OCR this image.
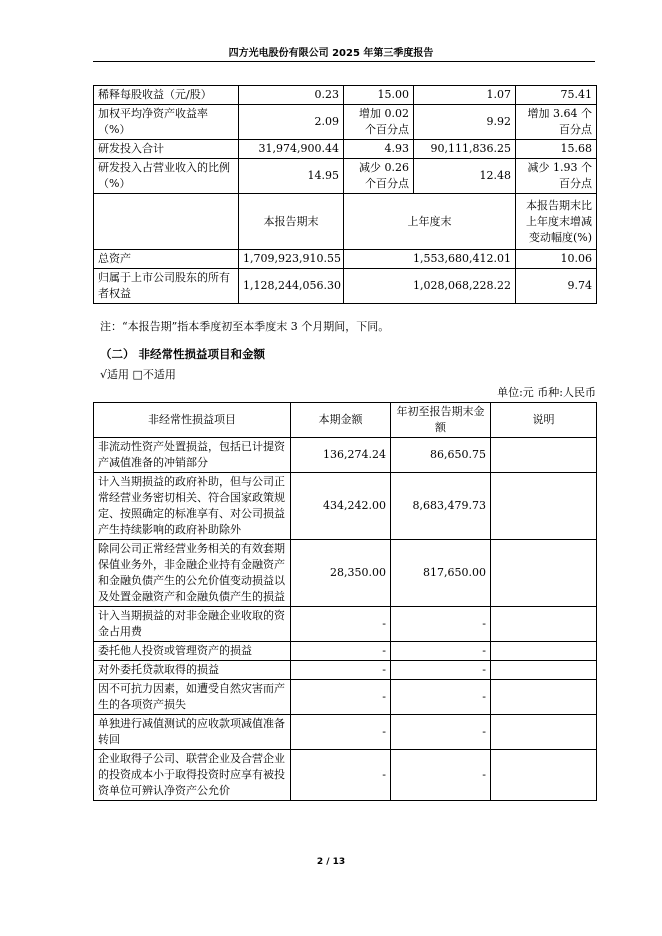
四方光电股份有限公司 2025 年第三季度报告
稀释每股收益（元/股）	0.23	15.00	1.07	75.41
加权平均净资产收益率（%）	2.09	增加 0.02 个百分点	9.92	增加 3.64 个百分点
研发投入合计	31,974,900.44	4.93	90,111,836.25	15.68
研发投入占营业收入的比例（%）	14.95	减少 0.26 个百分点	12.48	减少 1.93 个百分点
	本报告期末	上年度末		本报告期末比上年度末增减变动幅度(%)
总资产	1,709,923,910.55	1,553,680,412.01		10.06
归属于上市公司股东的所有者权益	1,128,244,056.30	1,028,068,228.22		9.74
注：“本报告期”指本季度初至本季度末 3 个月期间，下同。
（二） 非经常性损益项目和金额
√适用 □不适用
单位:元 币种:人民币
非经常性损益项目	本期金额	年初至报告期末金额	说明
非流动性资产处置损益，包括已计提资产减值准备的冲销部分	136,274.24	86,650.75	
计入当期损益的政府补助，但与公司正常经营业务密切相关、符合国家政策规定、按照确定的标准享有、对公司损益产生持续影响的政府补助除外	434,242.00	8,683,479.73	
除同公司正常经营业务相关的有效套期保值业务外，非金融企业持有金融资产和金融负债产生的公允价值变动损益以及处置金融资产和金融负债产生的损益	28,350.00	817,650.00	
计入当期损益的对非金融企业收取的资金占用费	-	-	
委托他人投资或管理资产的损益	-	-	
对外委托贷款取得的损益	-	-	
因不可抗力因素，如遭受自然灾害而产生的各项资产损失	-	-	
单独进行减值测试的应收款项减值准备转回	-	-	
企业取得子公司、联营企业及合营企业的投资成本小于取得投资时应享有被投资单位可辨认净资产公允价	-	-	
2 / 13
